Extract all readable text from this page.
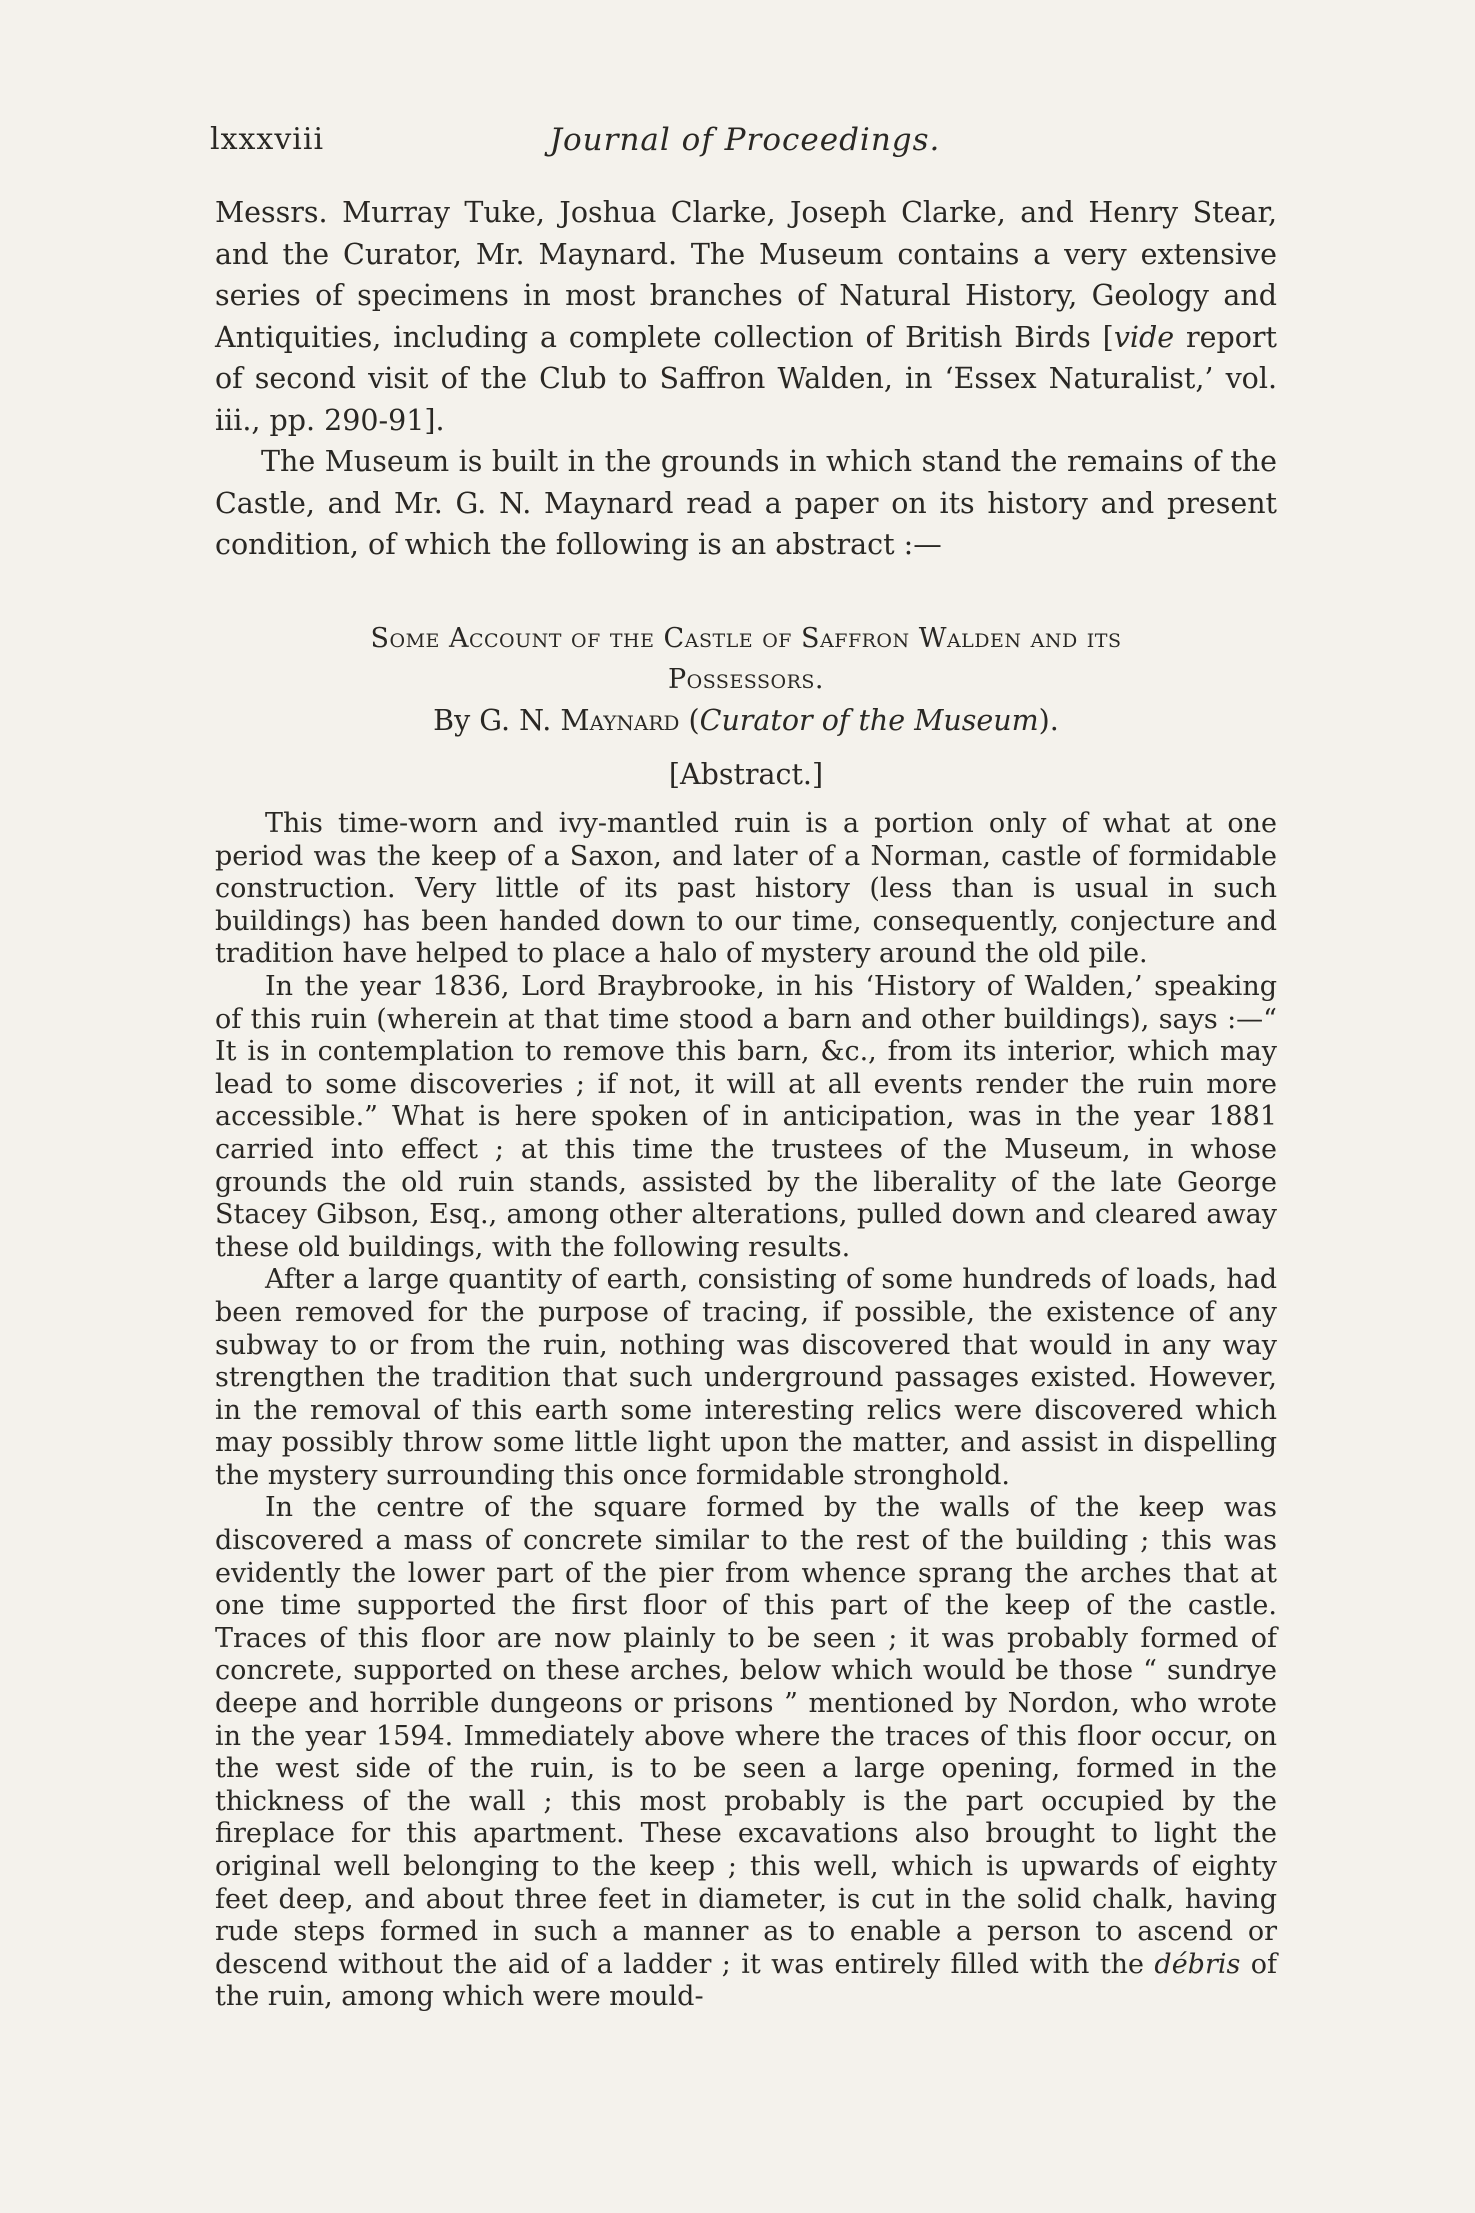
lxxxviii	Journal of Proceedings.

Messrs. Murray Tuke, Joshua Clarke, Joseph Clarke, and Henry Stear, and the Curator, Mr. Maynard. The Museum contains a very extensive series of specimens in most branches of Natural History, Geology and Antiquities, including a complete collection of British Birds [vide report of second visit of the Club to Saffron Walden, in ‘Essex Naturalist,’ vol. iii., pp. 290-91].

The Museum is built in the grounds in which stand the remains of the Castle, and Mr. G. N. Maynard read a paper on its history and present condition, of which the following is an abstract :—

Some Account of the Castle of Saffron Walden and its
Possessors.
By G. N. Maynard (Curator of the Museum).
[Abstract.]

This time-worn and ivy-mantled ruin is a portion only of what at one period was the keep of a Saxon, and later of a Norman, castle of formidable construction. Very little of its past history (less than is usual in such buildings) has been handed down to our time, consequently, conjecture and tradition have helped to place a halo of mystery around the old pile.

In the year 1836, Lord Braybrooke, in his ‘History of Walden,’ speaking of this ruin (wherein at that time stood a barn and other buildings), says :—“ It is in contemplation to remove this barn, &c., from its interior, which may lead to some discoveries ; if not, it will at all events render the ruin more accessible.” What is here spoken of in anticipation, was in the year 1881 carried into effect ; at this time the trustees of the Museum, in whose grounds the old ruin stands, assisted by the liberality of the late George Stacey Gibson, Esq., among other alterations, pulled down and cleared away these old buildings, with the following results.

After a large quantity of earth, consisting of some hundreds of loads, had been removed for the purpose of tracing, if possible, the existence of any subway to or from the ruin, nothing was discovered that would in any way strengthen the tradition that such underground passages existed. However, in the removal of this earth some interesting relics were discovered which may possibly throw some little light upon the matter, and assist in dispelling the mystery surrounding this once formidable stronghold.

In the centre of the square formed by the walls of the keep was discovered a mass of concrete similar to the rest of the building ; this was evidently the lower part of the pier from whence sprang the arches that at one time supported the first floor of this part of the keep of the castle. Traces of this floor are now plainly to be seen ; it was probably formed of concrete, supported on these arches, below which would be those “ sundrye deepe and horrible dungeons or prisons ” mentioned by Nordon, who wrote in the year 1594. Immediately above where the traces of this floor occur, on the west side of the ruin, is to be seen a large opening, formed in the thickness of the wall ; this most probably is the part occupied by the fireplace for this apartment. These excavations also brought to light the original well belonging to the keep ; this well, which is upwards of eighty feet deep, and about three feet in diameter, is cut in the solid chalk, having rude steps formed in such a manner as to enable a person to ascend or descend without the aid of a ladder ; it was entirely filled with the débris of the ruin, among which were mould-
